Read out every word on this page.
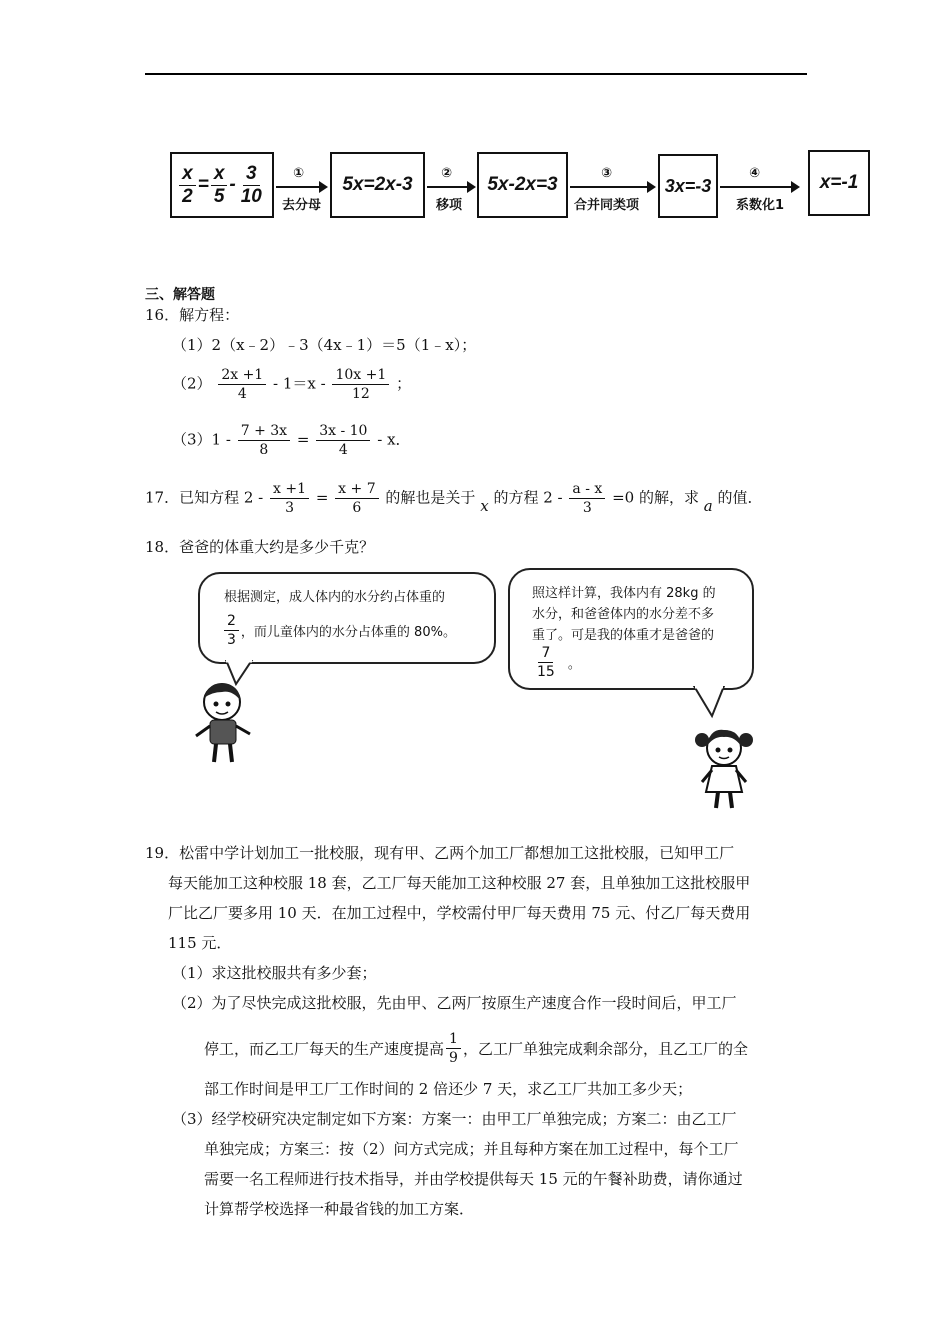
$\frac{x}{2} = \frac{x}{5} - \frac{3}{10}$ ①
去分母
5x=2x-3
②
移项
5x-2x=3
③
合并同类项
3x=-3
④
系数化1
x=-1
三、解答题
16．解方程：
（1）2（x﹣2）﹣3（4x﹣1）＝5（1﹣x）；
$(2) \frac{2x +1}{4} - 1=x - \frac{10x +1}{12}$ ；
$(3)1 - \frac{7 + 3x}{8} = \frac{3x - 10}{4} - x$．
17．已知方程 $2 - \frac{x +1}{3} = \frac{x + 7}{6}$ 的解也是关于 x 的方程 $2 - \frac{a - x}{3} =0$ 的解，求 a 的值．
18．爸爸的体重大约是多少千克？
根据测定，成人体内的水分约占体重的
$\frac{2}{3}$ ，而儿童体内的水分占体重的 80%。
照这样计算，我体内有 28kg 的
水分，和爸爸体内的水分差不多
重了。可是我的体重才是爸爸的
$\frac{7}{15}$ 。
19．松雷中学计划加工一批校服，现有甲、乙两个加工厂都想加工这批校服，已知甲工厂
每天能加工这种校服 18 套，乙工厂每天能加工这种校服 27 套，且单独加工这批校服甲
厂比乙厂要多用 10 天．在加工过程中，学校需付甲厂每天费用 75 元、付乙厂每天费用
115 元．
（1）求这批校服共有多少套；
（2）为了尽快完成这批校服，先由甲、乙两厂按原生产速度合作一段时间后，甲工厂
停工，而乙工厂每天的生产速度提高 $\frac{1}{9}$ ，乙工厂单独完成剩余部分，且乙工厂的全
部工作时间是甲工厂工作时间的 2 倍还少 7 天，求乙工厂共加工多少天；
（3）经学校研究决定制定如下方案：方案一：由甲工厂单独完成；方案二：由乙工厂
单独完成；方案三：按（2）问方式完成；并且每种方案在加工过程中，每个工厂
需要一名工程师进行技术指导，并由学校提供每天 15 元的午餐补助费，请你通过
计算帮学校选择一种最省钱的加工方案．
